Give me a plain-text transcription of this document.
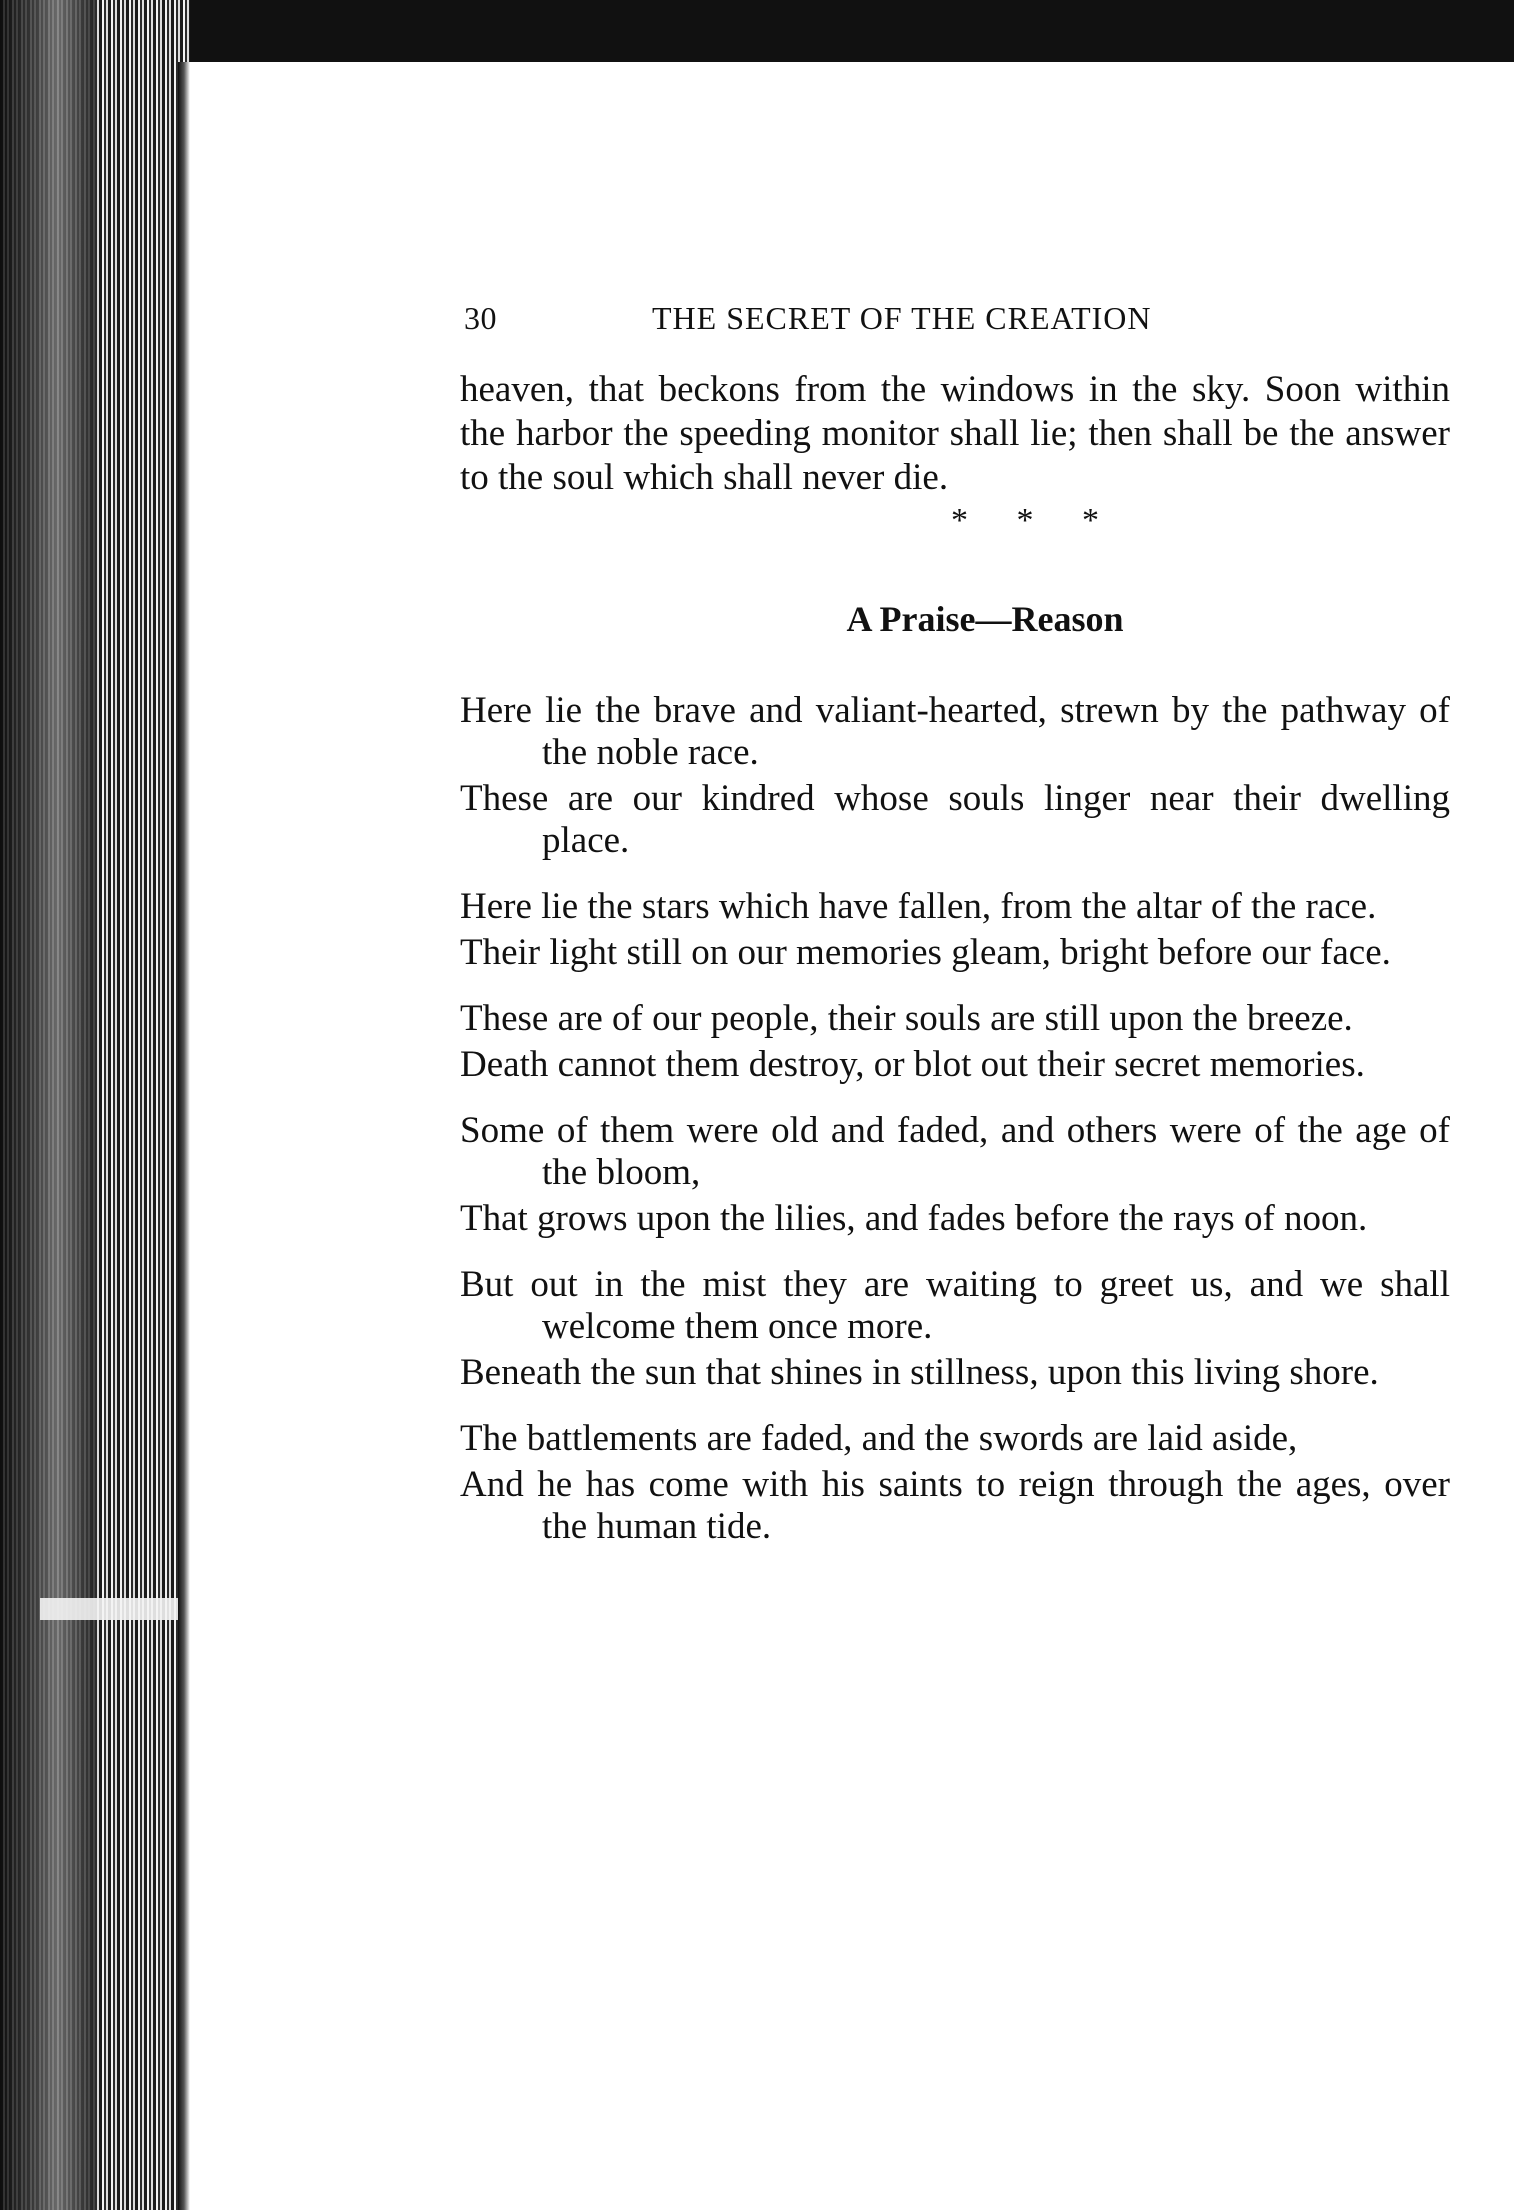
30	THE SECRET OF THE CREATION

heaven, that beckons from the windows in the sky. Soon within the harbor the speeding monitor shall lie; then shall be the answer to the soul which shall never die.

* * *
A Praise—Reason
Here lie the brave and valiant-hearted, strewn by the pathway of the noble race.
These are our kindred whose souls linger near their dwelling place.
Here lie the stars which have fallen, from the altar of the race.
Their light still on our memories gleam, bright before our face.
These are of our people, their souls are still upon the breeze.
Death cannot them destroy, or blot out their secret memories.
Some of them were old and faded, and others were of the age of the bloom,
That grows upon the lilies, and fades before the rays of noon.
But out in the mist they are waiting to greet us, and we shall welcome them once more.
Beneath the sun that shines in stillness, upon this living shore.
The battlements are faded, and the swords are laid aside,
And he has come with his saints to reign through the ages, over the human tide.
